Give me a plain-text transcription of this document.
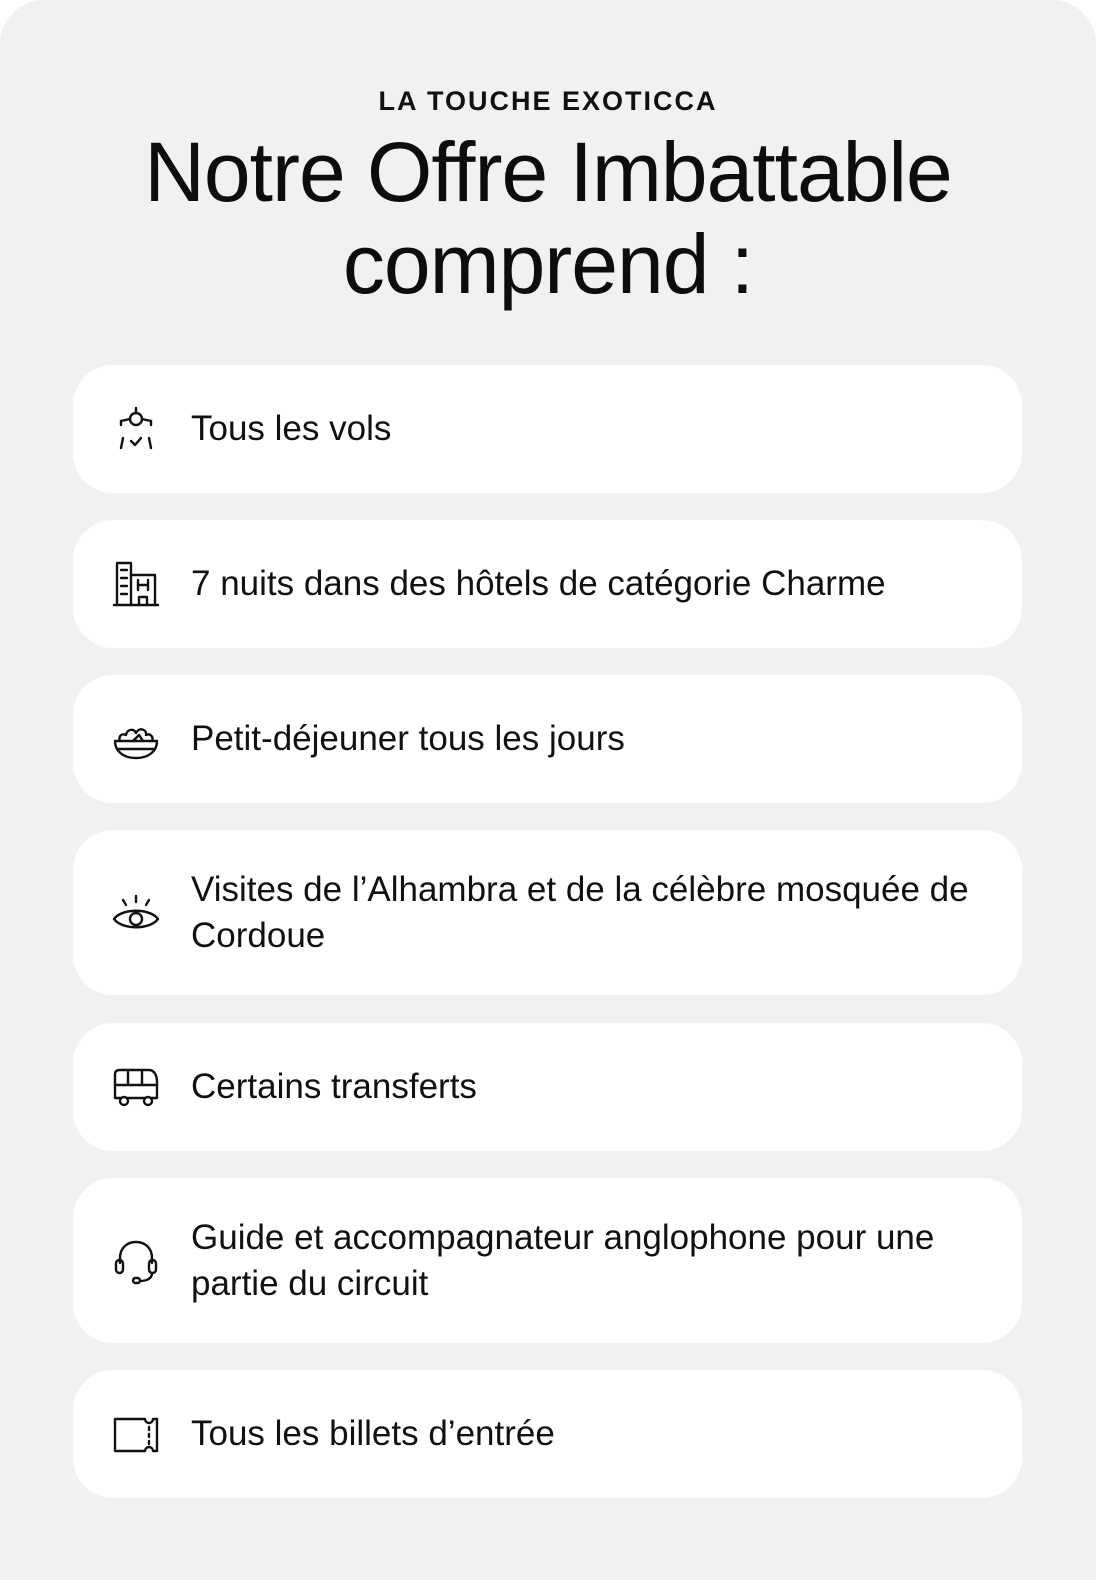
LA TOUCHE EXOTICCA
Notre Offre Imbattable comprend :
Tous les vols
7 nuits dans des hôtels de catégorie Charme
Petit-déjeuner tous les jours
Visites de l’Alhambra et de la célèbre mosquée de Cordoue
Certains transferts
Guide et accompagnateur anglophone pour une partie du circuit
Tous les billets d’entrée
